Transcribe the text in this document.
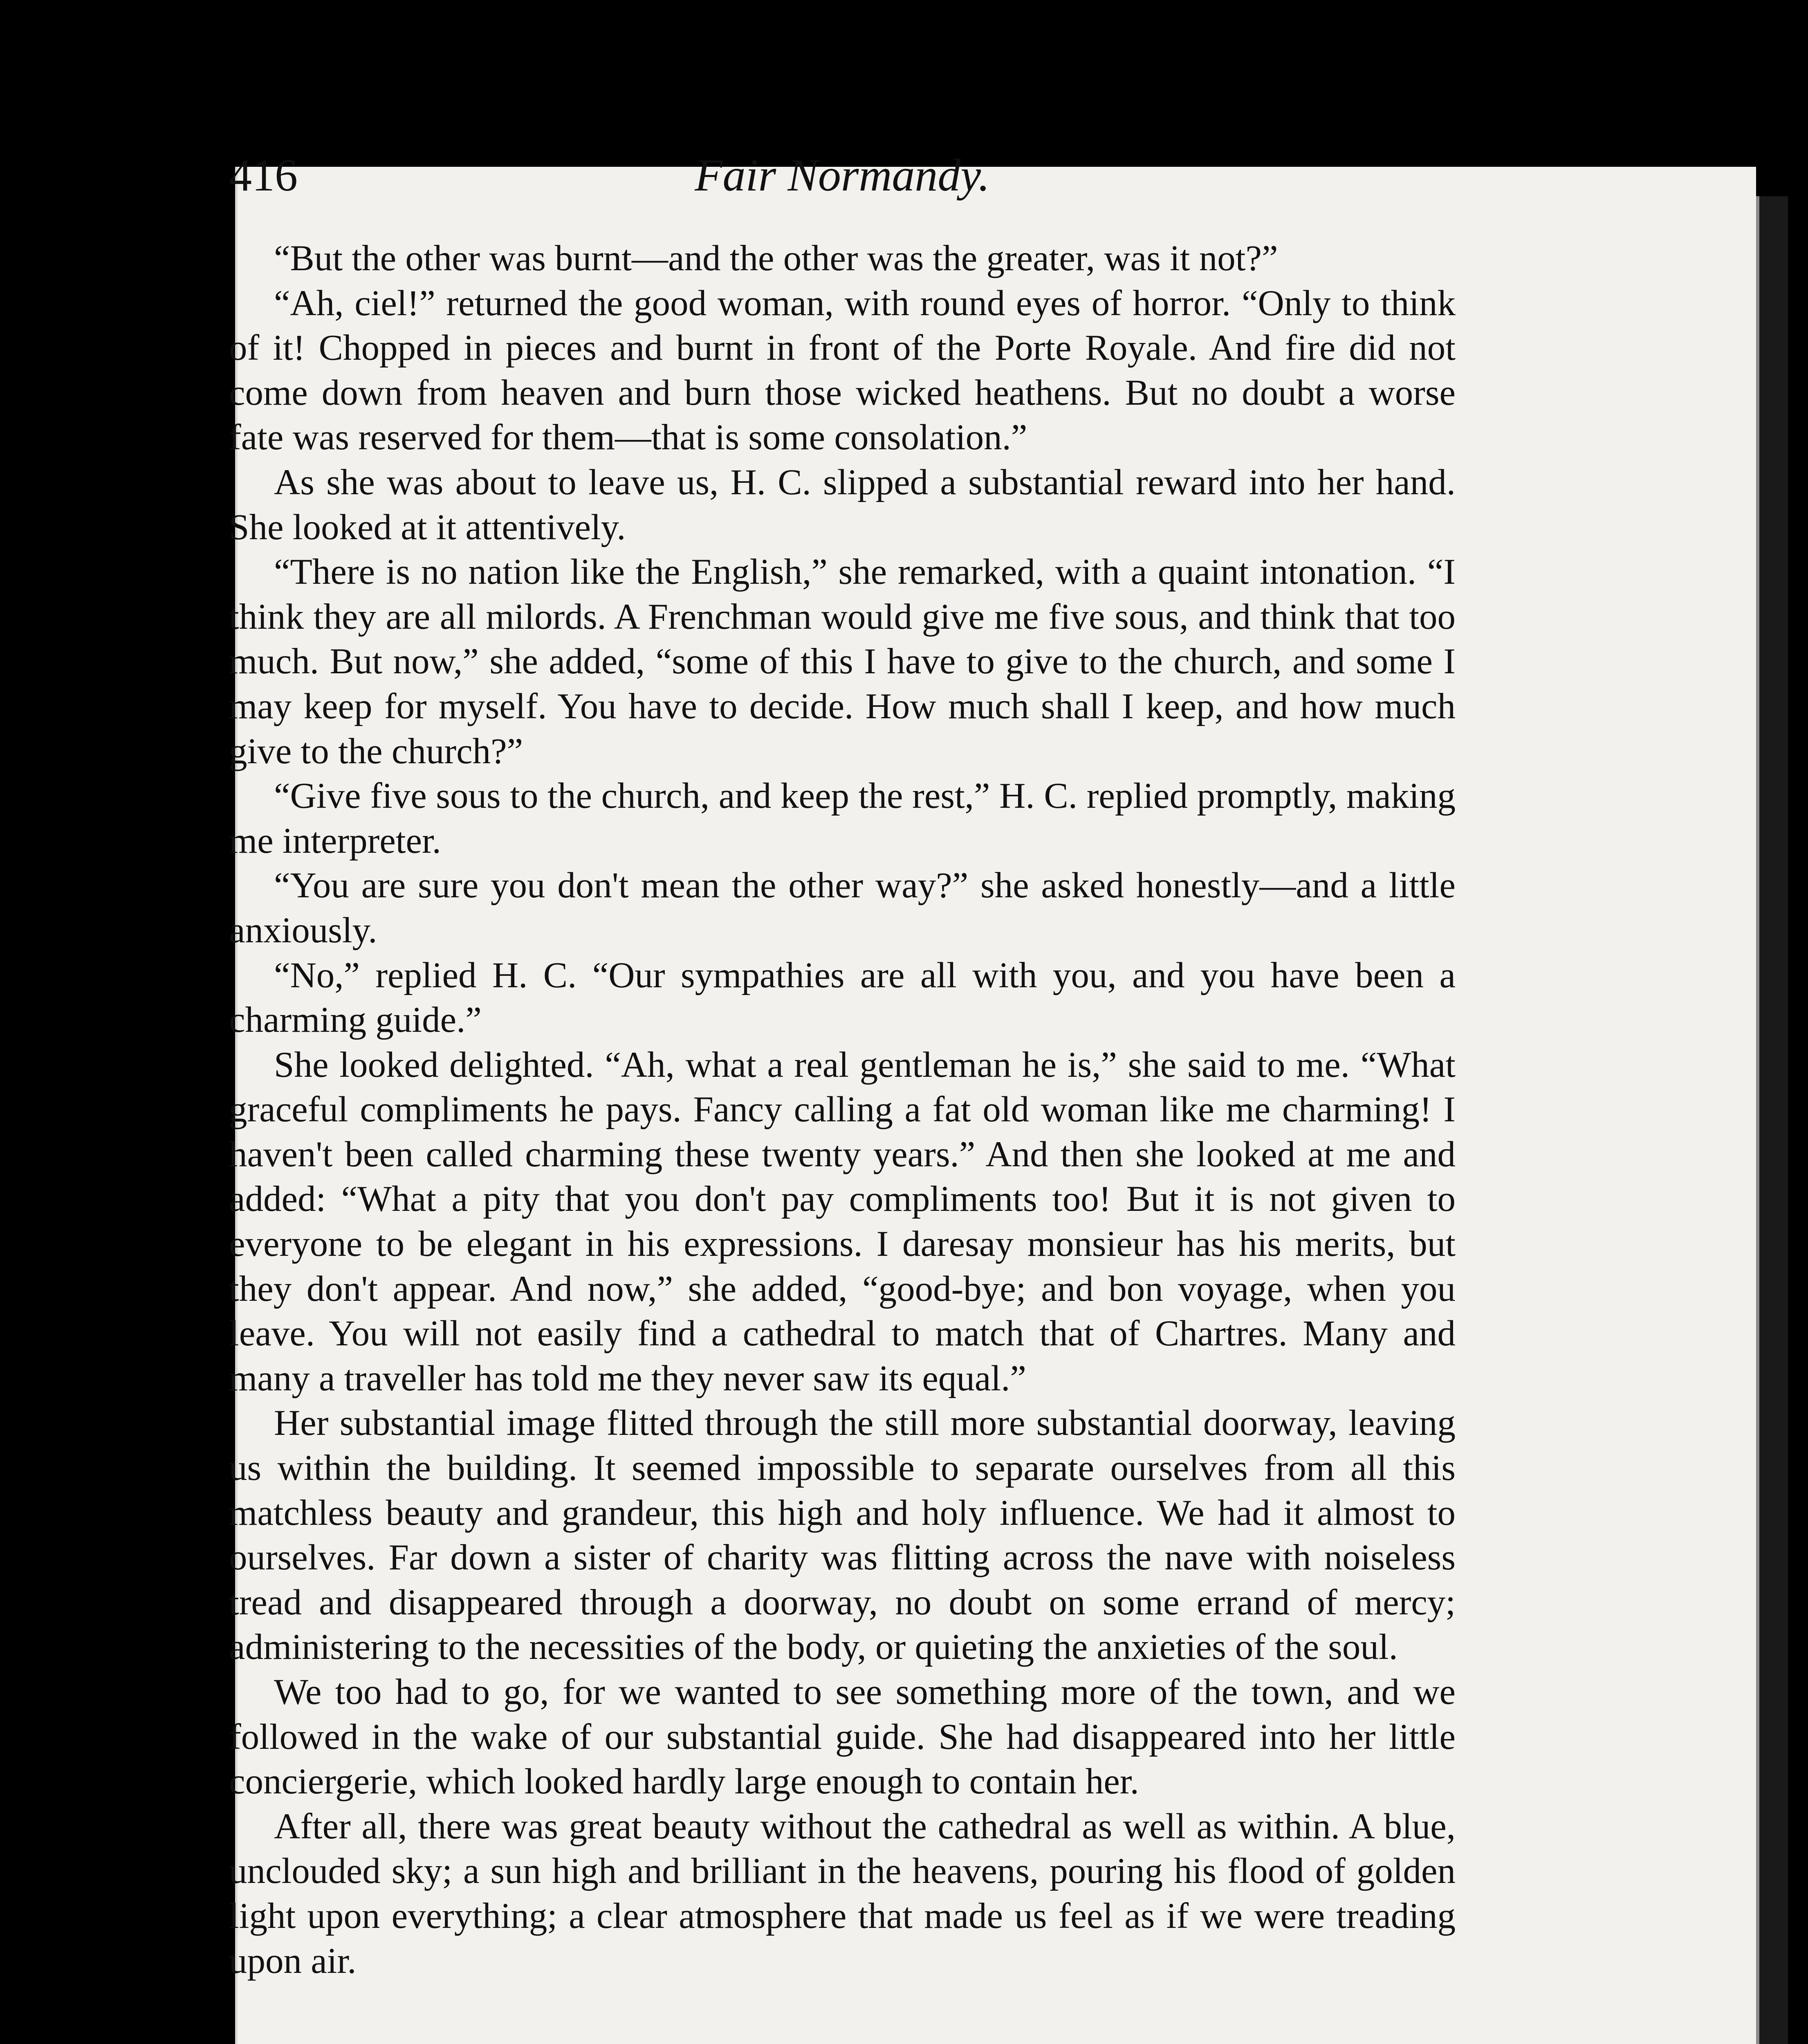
416	Fair Normandy.

“But the other was burnt—and the other was the greater, was it not?”

“Ah, ciel!” returned the good woman, with round eyes of horror. “Only to think of it! Chopped in pieces and burnt in front of the Porte Royale. And fire did not come down from heaven and burn those wicked heathens. But no doubt a worse fate was reserved for them—that is some consolation.”

As she was about to leave us, H. C. slipped a substantial reward into her hand. She looked at it attentively.

“There is no nation like the English,” she remarked, with a quaint intonation. “I think they are all milords. A Frenchman would give me five sous, and think that too much. But now,” she added, “some of this I have to give to the church, and some I may keep for myself. You have to decide. How much shall I keep, and how much give to the church?”

“Give five sous to the church, and keep the rest,” H. C. replied promptly, making me interpreter.

“You are sure you don't mean the other way?” she asked honestly—and a little anxiously.

“No,” replied H. C. “Our sympathies are all with you, and you have been a charming guide.”

She looked delighted. “Ah, what a real gentleman he is,” she said to me. “What graceful compliments he pays. Fancy calling a fat old woman like me charming! I haven't been called charming these twenty years.” And then she looked at me and added: “What a pity that you don't pay compliments too! But it is not given to everyone to be elegant in his expressions. I daresay monsieur has his merits, but they don't appear. And now,” she added, “good-bye; and bon voyage, when you leave. You will not easily find a cathedral to match that of Chartres. Many and many a traveller has told me they never saw its equal.”

Her substantial image flitted through the still more substantial doorway, leaving us within the building. It seemed impossible to separate ourselves from all this matchless beauty and grandeur, this high and holy influence. We had it almost to ourselves. Far down a sister of charity was flitting across the nave with noiseless tread and disappeared through a doorway, no doubt on some errand of mercy; administering to the necessities of the body, or quieting the anxieties of the soul.

We too had to go, for we wanted to see something more of the town, and we followed in the wake of our substantial guide. She had disappeared into her little conciergerie, which looked hardly large enough to contain her.

After all, there was great beauty without the cathedral as well as within. A blue, unclouded sky; a sun high and brilliant in the heavens, pouring his flood of golden light upon everything; a clear atmosphere that made us feel as if we were treading upon air.
